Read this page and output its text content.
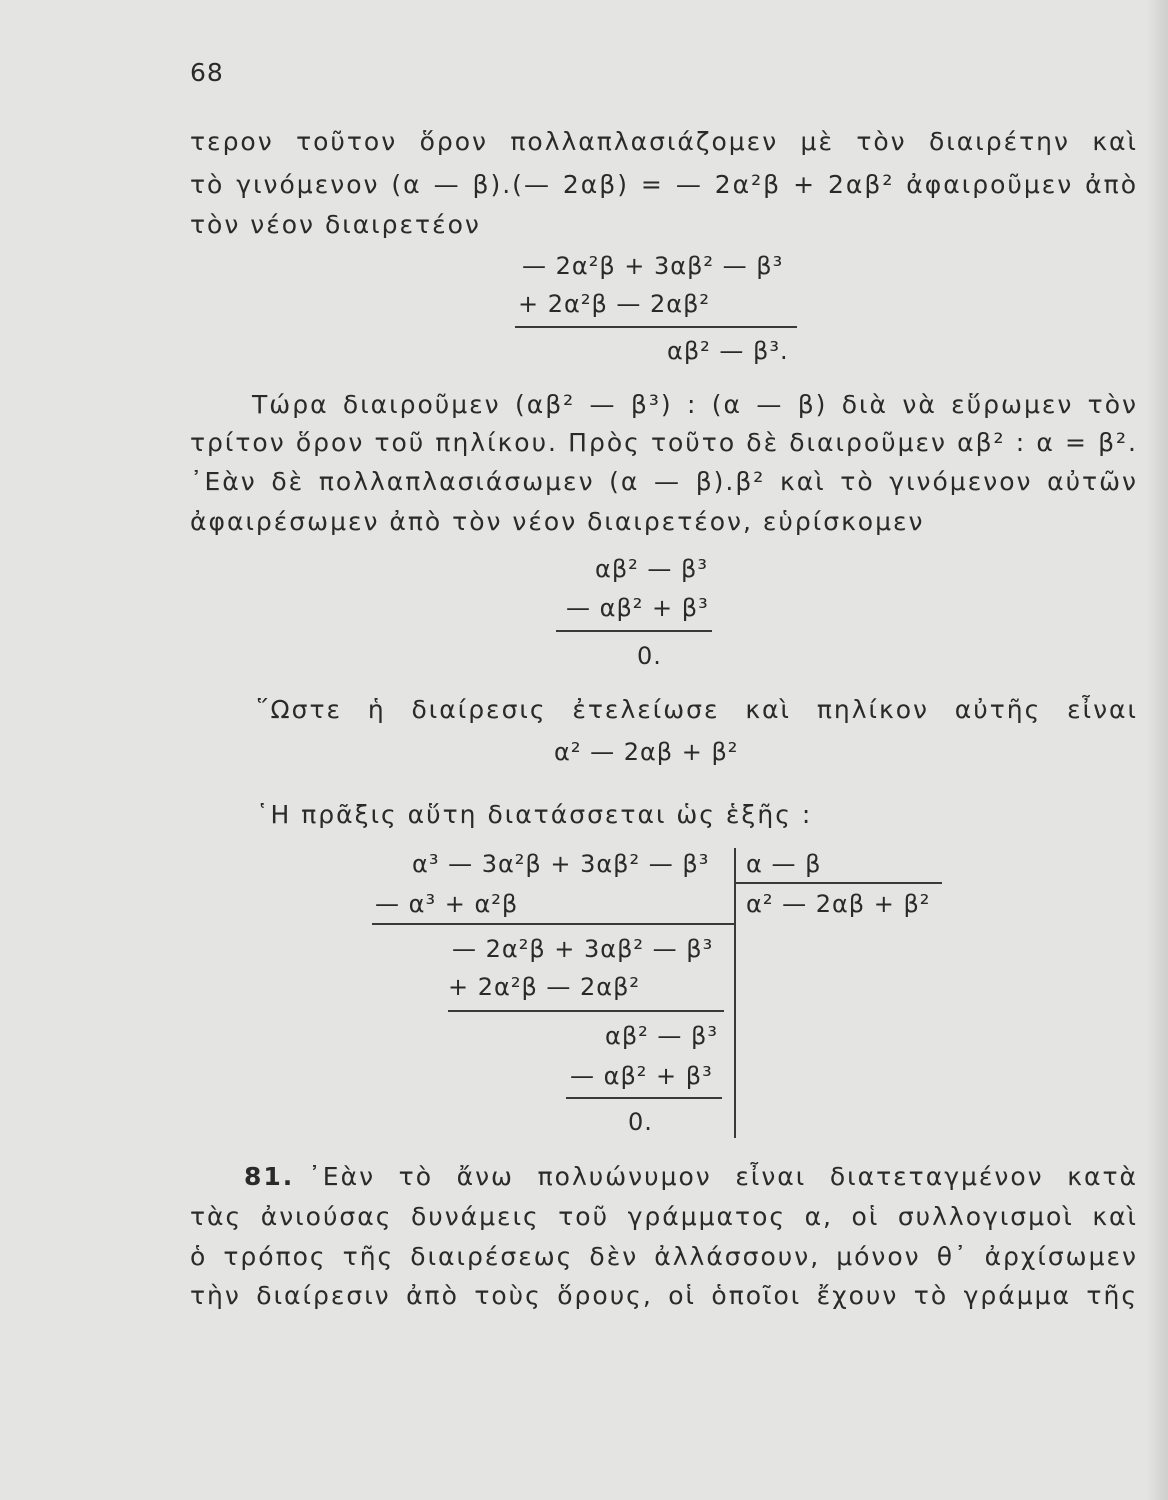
68
τερον τοῦτον ὅρον πολλαπλασιάζομεν μὲ τὸν διαιρέτην καὶ
τὸ γινόμενον (α — β).(— 2αβ) = — 2α²β + 2αβ² ἀφαιροῦμεν ἀπὸ
τὸν νέον διαιρετέον
— 2α²β + 3αβ² — β³
+ 2α²β — 2αβ²
αβ² — β³.
Τώρα διαιροῦμεν (αβ² — β³) : (α — β) διὰ νὰ εὕρωμεν τὸν
τρίτον ὅρον τοῦ πηλίκου. Πρὸς τοῦτο δὲ διαιροῦμεν αβ² : α = β².
᾿Εὰν δὲ πολλαπλασιάσωμεν (α — β).β² καὶ τὸ γινόμενον αὐτῶν
ἀφαιρέσωμεν ἀπὸ τὸν νέον διαιρετέον, εὑρίσκομεν
αβ² — β³
— αβ² + β³
0.
῞Ωστε ἡ διαίρεσις ἐτελείωσε καὶ πηλίκον αὐτῆς εἶναι
α² — 2αβ + β²
῾Η πρᾶξις αὕτη διατάσσεται ὡς ἑξῆς :
α³ — 3α²β + 3αβ² — β³
— α³ + α²β
α — β
α² — 2αβ + β²
— 2α²β + 3αβ² — β³
+ 2α²β — 2αβ²
αβ² — β³
— αβ² + β³
0.
81. ᾿Εὰν τὸ ἄνω πολυώνυμον εἶναι διατεταγμένον κατὰ
τὰς ἀνιούσας δυνάμεις τοῦ γράμματος α, οἱ συλλογισμοὶ καὶ
ὁ τρόπος τῆς διαιρέσεως δὲν ἀλλάσσουν, μόνον θ᾿ ἀρχίσωμεν
τὴν διαίρεσιν ἀπὸ τοὺς ὅρους, οἱ ὁποῖοι ἔχουν τὸ γράμμα τῆς
